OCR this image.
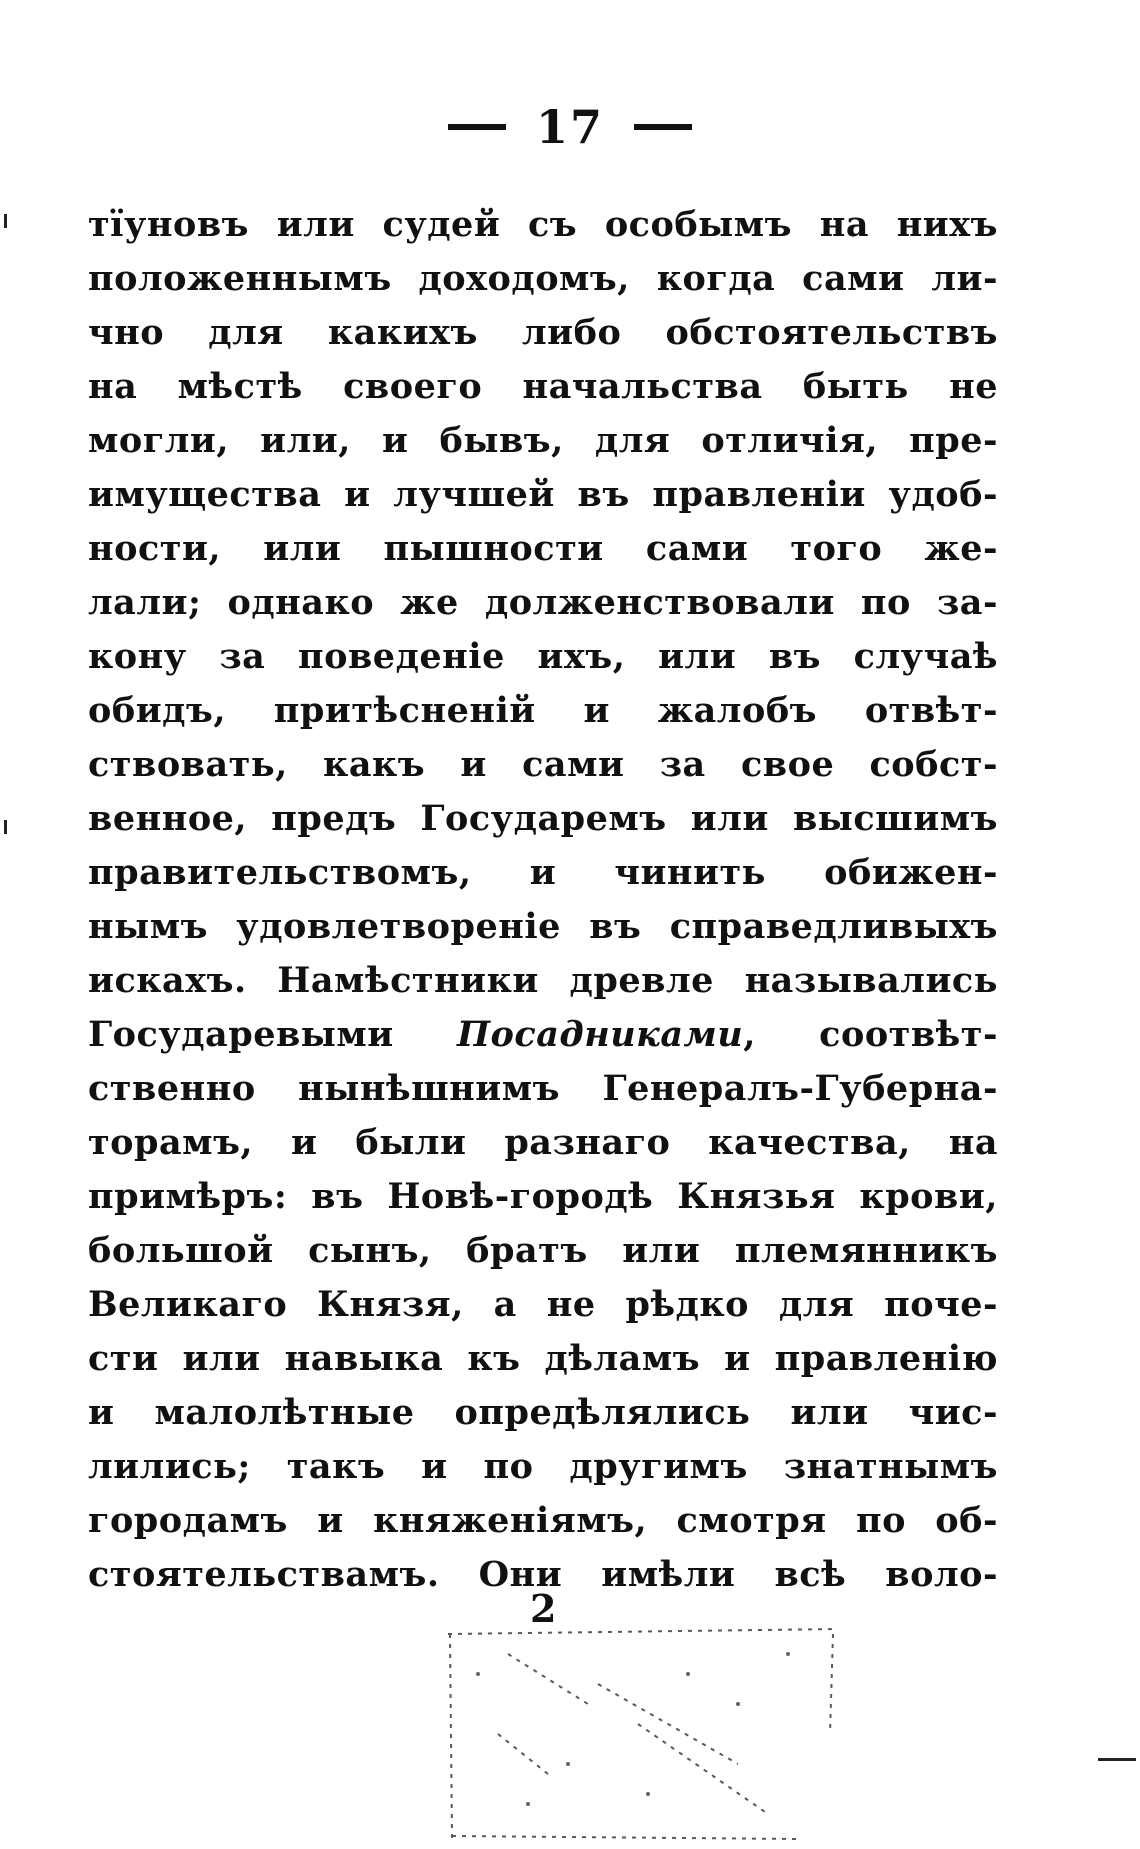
17
тїуновъ или судей съ особымъ на нихъ
положеннымъ доходомъ, когда сами ли-
чно для какихъ либо обстоятельствъ
на мѣстѣ своего начальства быть не
могли, или, и бывъ, для отличія, пре-
имущества и лучшей въ правленіи удоб-
ности, или пышности сами того же-
лали; однако же долженствовали по за-
кону за поведеніе ихъ, или въ случаѣ
обидъ, притѣсненій и жалобъ отвѣт-
ствовать, какъ и сами за свое собст-
венное, предъ Государемъ или высшимъ
правительствомъ, и чинить обижен-
нымъ удовлетвореніе въ справедливыхъ
искахъ. Намѣстники древле назывались
Государевыми Посадниками, соотвѣт-
ственно нынѣшнимъ Генералъ-Губерна-
торамъ, и были разнаго качества, на
примѣръ: въ Новѣ-городѣ Князья крови,
большой сынъ, братъ или племянникъ
Великаго Князя, а не рѣдко для поче-
сти или навыка къ дѣламъ и правленію
и малолѣтные опредѣлялись или чис-
лились; такъ и по другимъ знатнымъ
городамъ и княженіямъ, смотря по об-
стоятельствамъ. Они имѣли всѣ воло-
2
